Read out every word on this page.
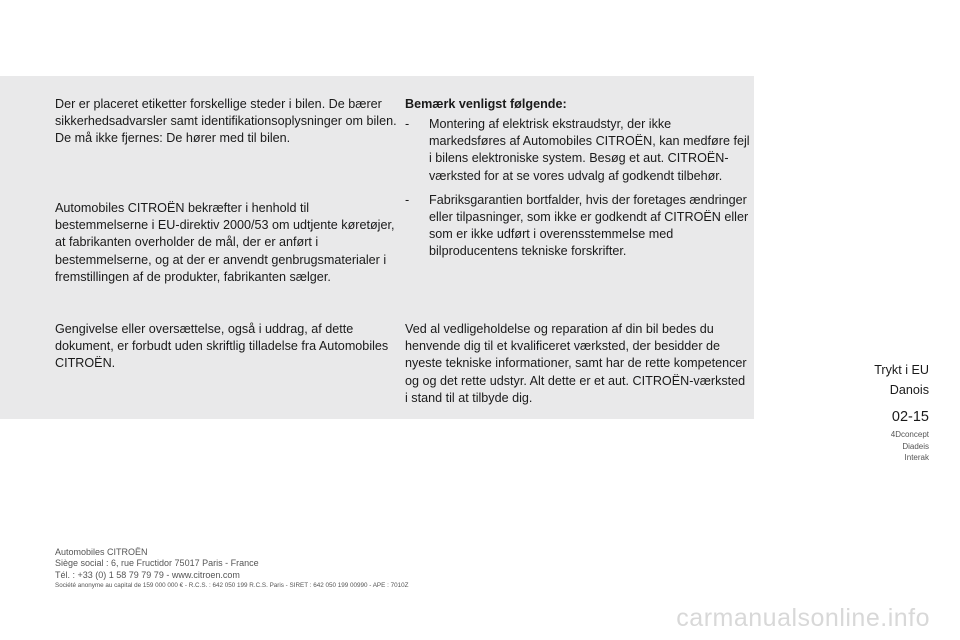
Der er placeret etiketter forskellige steder i bilen. De bærer sikkerhedsadvarsler samt identifikationsoplysninger om bilen. De må ikke fjernes: De hører med til bilen.

Automobiles CITROËN bekræfter i henhold til bestemmelserne i EU-direktiv 2000/53 om udtjente køretøjer, at fabrikanten overholder de mål, der er anført i bestemmelserne, og at der er anvendt genbrugsmaterialer i fremstillingen af de produkter, fabrikanten sælger.

Gengivelse eller oversættelse, også i uddrag, af dette dokument, er forbudt uden skriftlig tilladelse fra Automobiles CITROËN.

Bemærk venligst følgende:

- Montering af elektrisk ekstraudstyr, der ikke markedsføres af Automobiles CITROËN, kan medføre fejl i bilens elektroniske system. Besøg et aut. CITROËN-værksted for at se vores udvalg af godkendt tilbehør.
- Fabriksgarantien bortfalder, hvis der foretages ændringer eller tilpasninger, som ikke er godkendt af CITROËN eller som er ikke udført i overensstemmelse med bilproducentens tekniske forskrifter.

Ved al vedligeholdelse og reparation af din bil bedes du henvende dig til et kvalificeret værksted, der besidder de nyeste tekniske informationer, samt har de rette kompetencer og og det rette udstyr. Alt dette er et aut. CITROËN-værksted i stand til at tilbyde dig.

Trykt i EU

Danois

02-15

4Dconcept
Diadeis
Interak
Automobiles CITROËN
Siège social : 6, rue Fructidor 75017 Paris - France
Tél. : +33 (0) 1 58 79 79 79 - www.citroen.com
Société anonyme au capital de 159 000 000 € - R.C.S. : 642 050 199 R.C.S. Paris - SIRET : 642 050 199 00990 - APE : 7010Z
carmanualsonline.info
